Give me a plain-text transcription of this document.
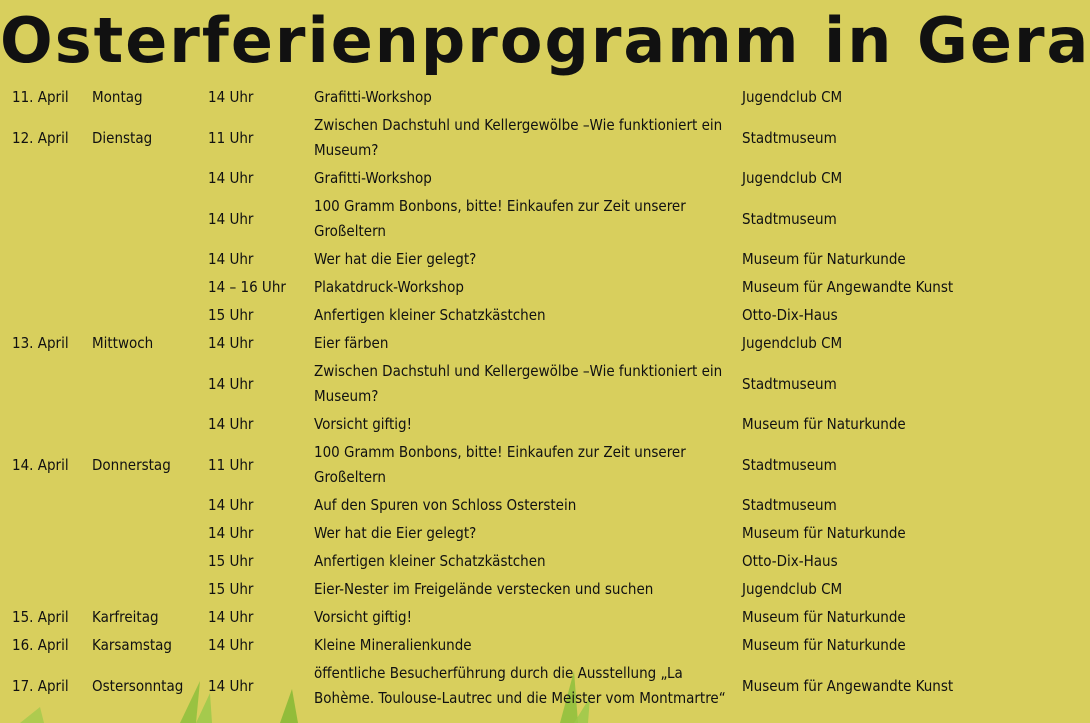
Osterferienprogramm in Gera
11. April	Montag	14 Uhr	Grafitti-Workshop	Jugendclub CM
12. April	Dienstag	11 Uhr	Zwischen Dachstuhl und Kellergewölbe –Wie funktioniert ein Museum?	Stadtmuseum
		14 Uhr	Grafitti-Workshop	Jugendclub CM
		14 Uhr	100 Gramm Bonbons, bitte! Einkaufen zur Zeit unserer Großeltern	Stadtmuseum
		14 Uhr	Wer hat die Eier gelegt?	Museum für Naturkunde
		14 – 16 Uhr	Plakatdruck-Workshop	Museum für Angewandte Kunst
		15 Uhr	Anfertigen kleiner Schatzkästchen	Otto-Dix-Haus
13. April	Mittwoch	14 Uhr	Eier färben	Jugendclub CM
		14 Uhr	Zwischen Dachstuhl und Kellergewölbe –Wie funktioniert ein Museum?	Stadtmuseum
		14 Uhr	Vorsicht giftig!	Museum für Naturkunde
14. April	Donnerstag	11 Uhr	100 Gramm Bonbons, bitte! Einkaufen zur Zeit unserer Großeltern	Stadtmuseum
		14 Uhr	Auf den Spuren von Schloss Osterstein	Stadtmuseum
		14 Uhr	Wer hat die Eier gelegt?	Museum für Naturkunde
		15 Uhr	Anfertigen kleiner Schatzkästchen	Otto-Dix-Haus
		15 Uhr	Eier-Nester im Freigelände verstecken und suchen	Jugendclub CM
15. April	Karfreitag	14 Uhr	Vorsicht giftig!	Museum für Naturkunde
16. April	Karsamstag	14 Uhr	Kleine Mineralienkunde	Museum für Naturkunde
17. April	Ostersonntag	14 Uhr	öffentliche Besucherführung durch die Ausstellung „La Bohème. Toulouse-Lautrec und die Meister vom Montmartre“	Museum für Angewandte Kunst
